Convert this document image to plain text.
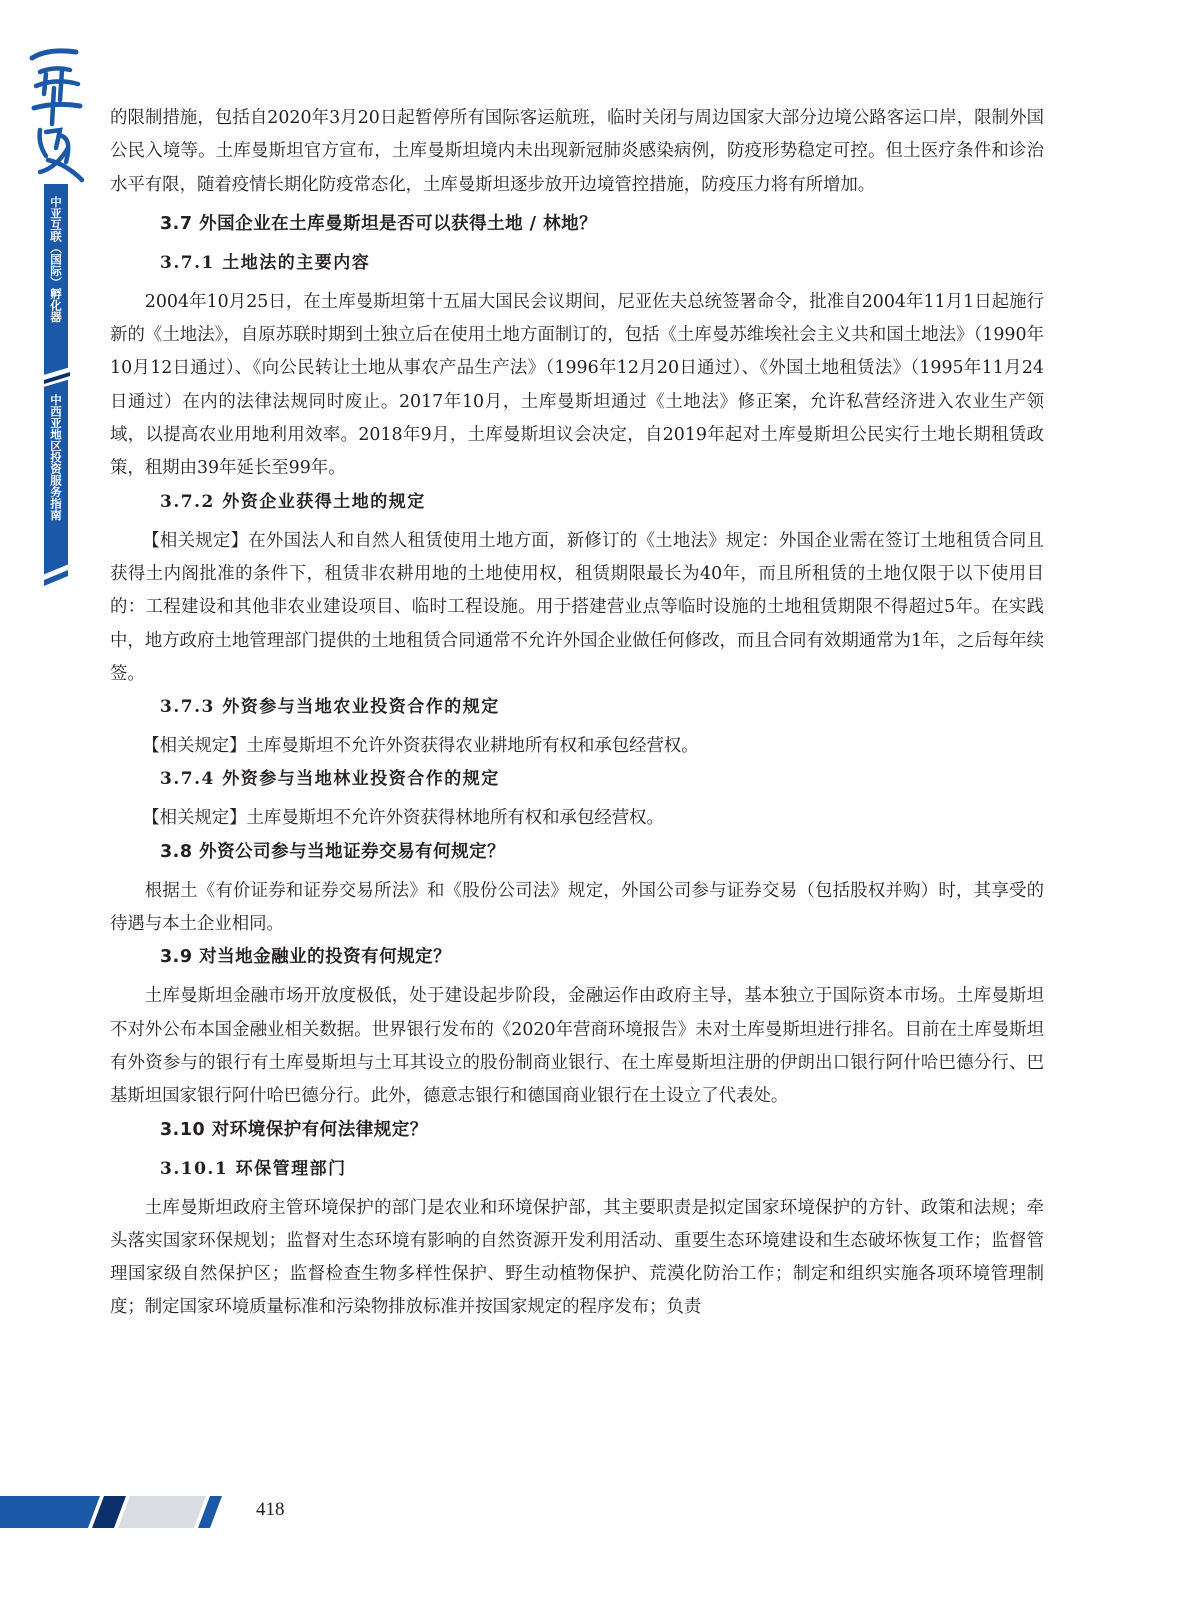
中亚互联（国际）孵化器
中西亚地区投资服务指南

的限制措施，包括自2020年3月20日起暂停所有国际客运航班，临时关闭与周边国家大部分边境公路客运口岸，限制外国公民入境等。土库曼斯坦官方宣布，土库曼斯坦境内未出现新冠肺炎感染病例，防疫形势稳定可控。但土医疗条件和诊治水平有限，随着疫情长期化防疫常态化，土库曼斯坦逐步放开边境管控措施，防疫压力将有所增加。

3.7 外国企业在土库曼斯坦是否可以获得土地 / 林地？
3.7.1 土地法的主要内容

2004年10月25日，在土库曼斯坦第十五届大国民会议期间，尼亚佐夫总统签署命令，批准自2004年11月1日起施行新的《土地法》，自原苏联时期到土独立后在使用土地方面制订的，包括《土库曼苏维埃社会主义共和国土地法》（1990年10月12日通过）、《向公民转让土地从事农产品生产法》（1996年12月20日通过）、《外国土地租赁法》（1995年11月24日通过）在内的法律法规同时废止。2017年10月，土库曼斯坦通过《土地法》修正案，允许私营经济进入农业生产领域，以提高农业用地利用效率。2018年9月，土库曼斯坦议会决定，自2019年起对土库曼斯坦公民实行土地长期租赁政策，租期由39年延长至99年。

3.7.2 外资企业获得土地的规定

【相关规定】在外国法人和自然人租赁使用土地方面，新修订的《土地法》规定：外国企业需在签订土地租赁合同且获得土内阁批准的条件下，租赁非农耕用地的土地使用权，租赁期限最长为40年，而且所租赁的土地仅限于以下使用目的：工程建设和其他非农业建设项目、临时工程设施。用于搭建营业点等临时设施的土地租赁期限不得超过5年。在实践中，地方政府土地管理部门提供的土地租赁合同通常不允许外国企业做任何修改，而且合同有效期通常为1年，之后每年续签。

3.7.3 外资参与当地农业投资合作的规定

【相关规定】土库曼斯坦不允许外资获得农业耕地所有权和承包经营权。

3.7.4 外资参与当地林业投资合作的规定

【相关规定】土库曼斯坦不允许外资获得林地所有权和承包经营权。

3.8 外资公司参与当地证券交易有何规定？

根据土《有价证券和证券交易所法》和《股份公司法》规定，外国公司参与证券交易（包括股权并购）时，其享受的待遇与本土企业相同。

3.9 对当地金融业的投资有何规定？

土库曼斯坦金融市场开放度极低，处于建设起步阶段，金融运作由政府主导，基本独立于国际资本市场。土库曼斯坦不对外公布本国金融业相关数据。世界银行发布的《2020年营商环境报告》未对土库曼斯坦进行排名。目前在土库曼斯坦有外资参与的银行有土库曼斯坦与土耳其设立的股份制商业银行、在土库曼斯坦注册的伊朗出口银行阿什哈巴德分行、巴基斯坦国家银行阿什哈巴德分行。此外，德意志银行和德国商业银行在土设立了代表处。

3.10 对环境保护有何法律规定？
3.10.1 环保管理部门

土库曼斯坦政府主管环境保护的部门是农业和环境保护部，其主要职责是拟定国家环境保护的方针、政策和法规；牵头落实国家环保规划；监督对生态环境有影响的自然资源开发利用活动、重要生态环境建设和生态破坏恢复工作；监督管理国家级自然保护区；监督检查生物多样性保护、野生动植物保护、荒漠化防治工作；制定和组织实施各项环境管理制度；制定国家环境质量标准和污染物排放标准并按国家规定的程序发布；负责

418
